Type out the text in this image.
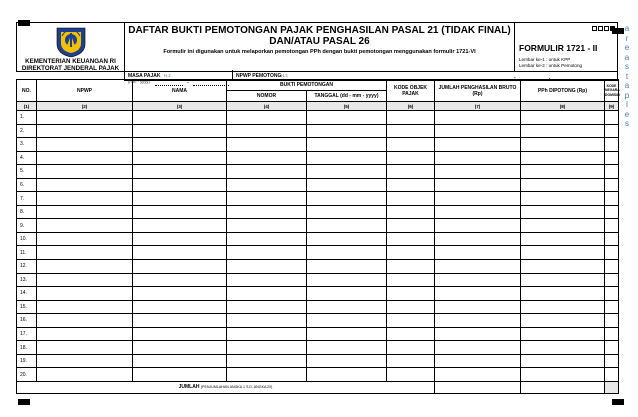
a
r
e
a
s
t
a
p
l
e
s
KEMENTERIAN KEUANGAN RI
DIREKTORAT JENDERAL PAJAK
DAFTAR BUKTI PEMOTONGAN PAJAK PENGHASILAN PASAL 21 (TIDAK FINAL)
DAN/ATAU PASAL 26
Formulir ini digunakan untuk melaporkan pemotongan PPh dengan bukti pemotongan menggunakan formulir 1721-VI	FORMULIR 1721 - II
Lembar ke-1 : untuk KPP
Lembar ke-2 : untuk Pemotong
MASA PAJAK H.2
(mm - yyyy)	-
NPWP PEMOTONG H.3	-	.
NO.	NPWP	NAMA	BUKTI PEMOTONGAN		KODE OBJEK PAJAK	JUMLAH PENGHASILAN BRUTO (Rp)	PPh DIPOTONG (Rp)	KODE NEGARA DOMISILI
			NOMOR	TANGGAL (dd - mm - yyyy)				
(1)	(2)	(3)	(4)	(5)	(6)	(7)	(8)	(9)
1.								
2.								
3.								
4.								
5.								
6.								
7.								
8.								
9.								
10.								
11.								
12.								
13.								
14.								
15.								
16.								
17.								
18.								
19.								
20.								
JUMLAH (PENJUMLAHAN ANGKA 1 S.D. ANGKA 20)								
